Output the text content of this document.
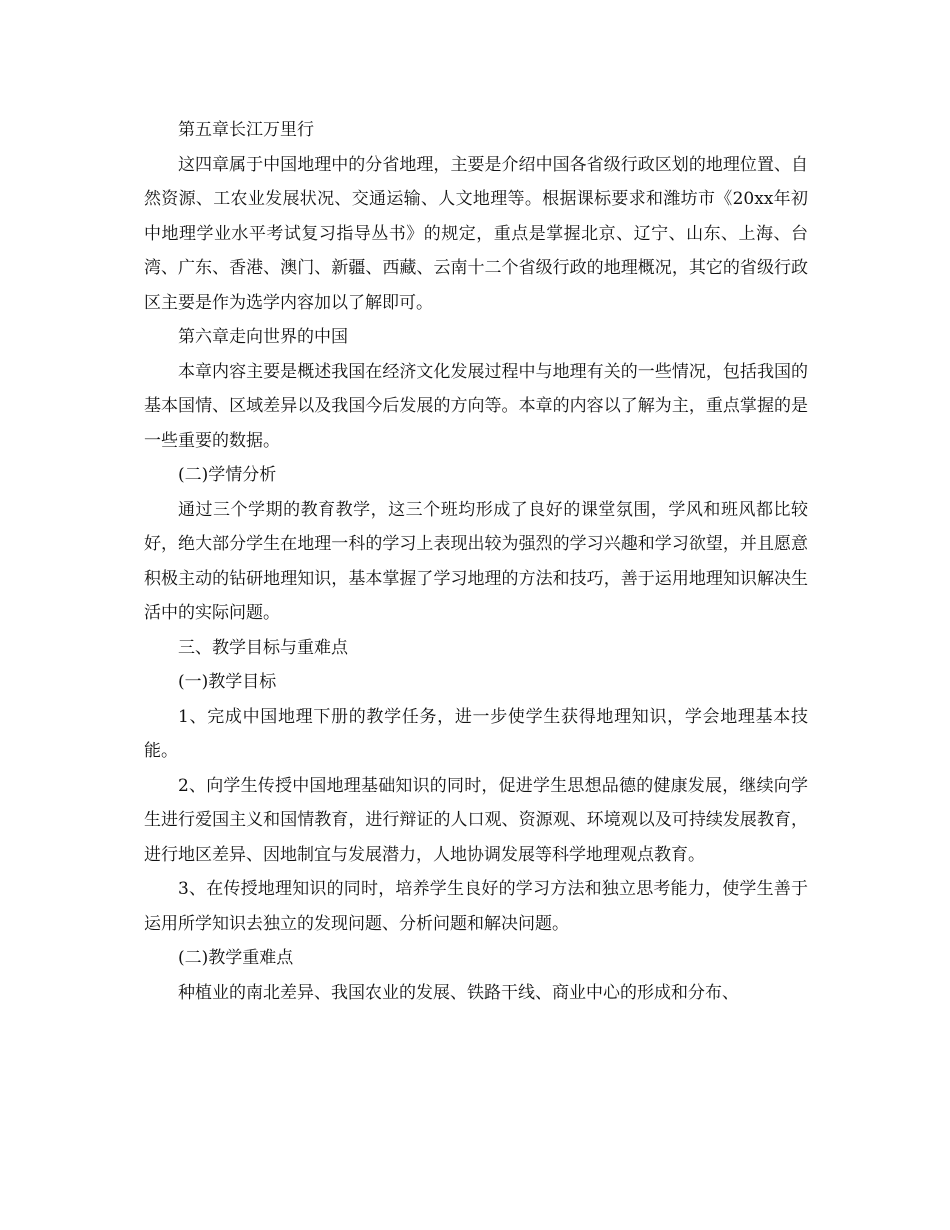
第五章长江万里行

这四章属于中国地理中的分省地理，主要是介绍中国各省级行政区划的地理位置、自然资源、工农业发展状况、交通运输、人文地理等。根据课标要求和潍坊市《20xx年初中地理学业水平考试复习指导丛书》的规定，重点是掌握北京、辽宁、山东、上海、台湾、广东、香港、澳门、新疆、西藏、云南十二个省级行政的地理概况，其它的省级行政区主要是作为选学内容加以了解即可。

第六章走向世界的中国

本章内容主要是概述我国在经济文化发展过程中与地理有关的一些情况，包括我国的基本国情、区域差异以及我国今后发展的方向等。本章的内容以了解为主，重点掌握的是一些重要的数据。

(二)学情分析

通过三个学期的教育教学，这三个班均形成了良好的课堂氛围，学风和班风都比较好，绝大部分学生在地理一科的学习上表现出较为强烈的学习兴趣和学习欲望，并且愿意积极主动的钻研地理知识，基本掌握了学习地理的方法和技巧，善于运用地理知识解决生活中的实际问题。

三、教学目标与重难点

(一)教学目标

1、完成中国地理下册的教学任务，进一步使学生获得地理知识，学会地理基本技能。

2、向学生传授中国地理基础知识的同时，促进学生思想品德的健康发展，继续向学生进行爱国主义和国情教育，进行辩证的人口观、资源观、环境观以及可持续发展教育，进行地区差异、因地制宜与发展潜力，人地协调发展等科学地理观点教育。

3、在传授地理知识的同时，培养学生良好的学习方法和独立思考能力，使学生善于运用所学知识去独立的发现问题、分析问题和解决问题。

(二)教学重难点

种植业的南北差异、我国农业的发展、铁路干线、商业中心的形成和分布、
